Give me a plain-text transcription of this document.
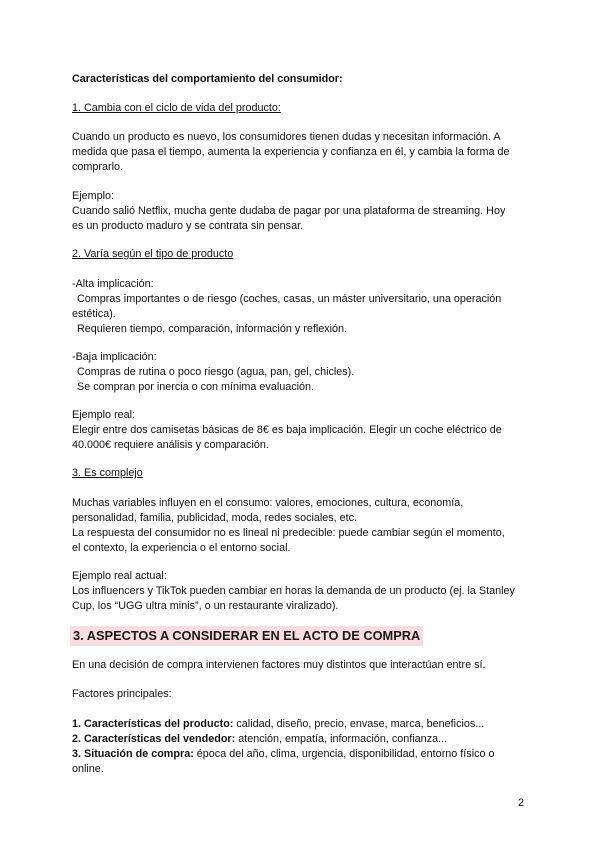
Características del comportamiento del consumidor:
1. Cambia con el ciclo de vida del producto:
Cuando un producto es nuevo, los consumidores tienen dudas y necesitan información. A
medida que pasa el tiempo, aumenta la experiencia y confianza en él, y cambia la forma de
comprarlo.
Ejemplo:
Cuando salió Netflix, mucha gente dudaba de pagar por una plataforma de streaming. Hoy
es un producto maduro y se contrata sin pensar.
2. Varía según el tipo de producto
-Alta implicación:
Compras importantes o de riesgo (coches, casas, un máster universitario, una operación
estética).
Requieren tiempo, comparación, información y reflexión.
-Baja implicación:
Compras de rutina o poco riesgo (agua, pan, gel, chicles).
Se compran por inercia o con mínima evaluación.
Ejemplo real:
Elegir entre dos camisetas básicas de 8€ es baja implicación. Elegir un coche eléctrico de
40.000€ requiere análisis y comparación.
3. Es complejo
Muchas variables influyen en el consumo: valores, emociones, cultura, economía,
personalidad, familia, publicidad, moda, redes sociales, etc.
La respuesta del consumidor no es lineal ni predecible: puede cambiar según el momento,
el contexto, la experiencia o el entorno social.
Ejemplo real actual:
Los influencers y TikTok pueden cambiar en horas la demanda de un producto (ej. la Stanley
Cup, los “UGG ultra minis”, o un restaurante viralizado).
3. ASPECTOS A CONSIDERAR EN EL ACTO DE COMPRA
En una decisión de compra intervienen factores muy distintos que interactúan entre sí.
Factores principales:
1. Características del producto: calidad, diseño, precio, envase, marca, beneficios...
2. Características del vendedor: atención, empatía, información, confianza...
3. Situación de compra: época del año, clima, urgencia, disponibilidad, entorno físico o
online.
2
